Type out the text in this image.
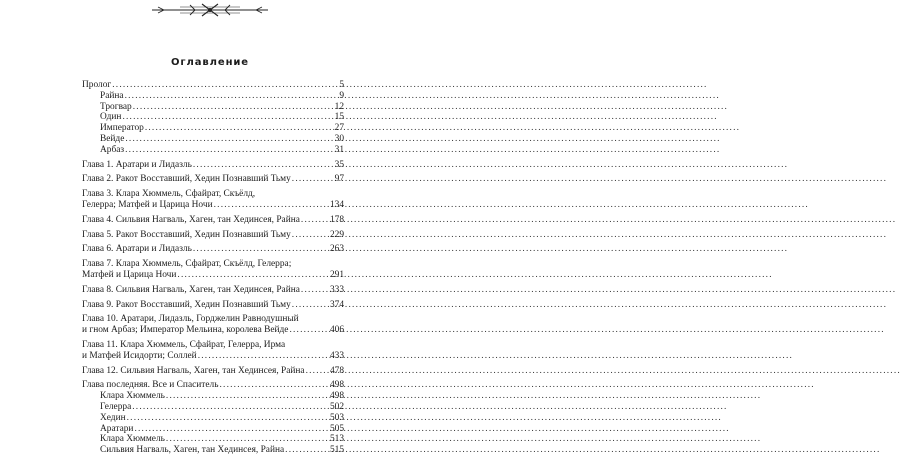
Оглавление
Пролог .....	5
Райна .....	9
Трогвар .....	12
Один .....	15
Император .....	27
Вейде .....	30
Арбаз .....	31
Глава 1. Аратари и Лидазль .....	35
Глава 2. Ракот Восставший, Хедин Познавший Тьму .....	97
Глава 3. Клара Хюммель, Сфайрат, Скъёлд,
Гелерра; Матфей и Царица Ночи .....	134
Глава 4. Сильвия Нагваль, Хаген, тан Хединсея, Райна .....	178
Глава 5. Ракот Восставший, Хедин Познавший Тьму .....	229
Глава 6. Аратари и Лидазль .....	263
Глава 7. Клара Хюммель, Сфайрат, Скъёлд, Гелерра;
Матфей и Царица Ночи .....	291
Глава 8. Сильвия Нагваль, Хаген, тан Хединсея, Райна .....	333
Глава 9. Ракот Восставший, Хедин Познавший Тьму .....	374
Глава 10. Аратари, Лидазль, Горджелин Равнодушный
и гном Арбаз; Император Мельина, королева Вейде .....	406
Глава 11. Клара Хюммель, Сфайрат, Гелерра, Ирма
и Матфей Исидорти; Соллей .....	433
Глава 12. Сильвия Нагваль, Хаген, тан Хединсея, Райна .....	478
Глава последняя. Все и Спаситель .....	498
Клара Хюммель .....	498
Гелерра .....	502
Хедин .....	503
Аратари .....	505
Клара Хюммель .....	513
Сильвия Нагваль, Хаген, тан Хединсея, Райна .....	515
